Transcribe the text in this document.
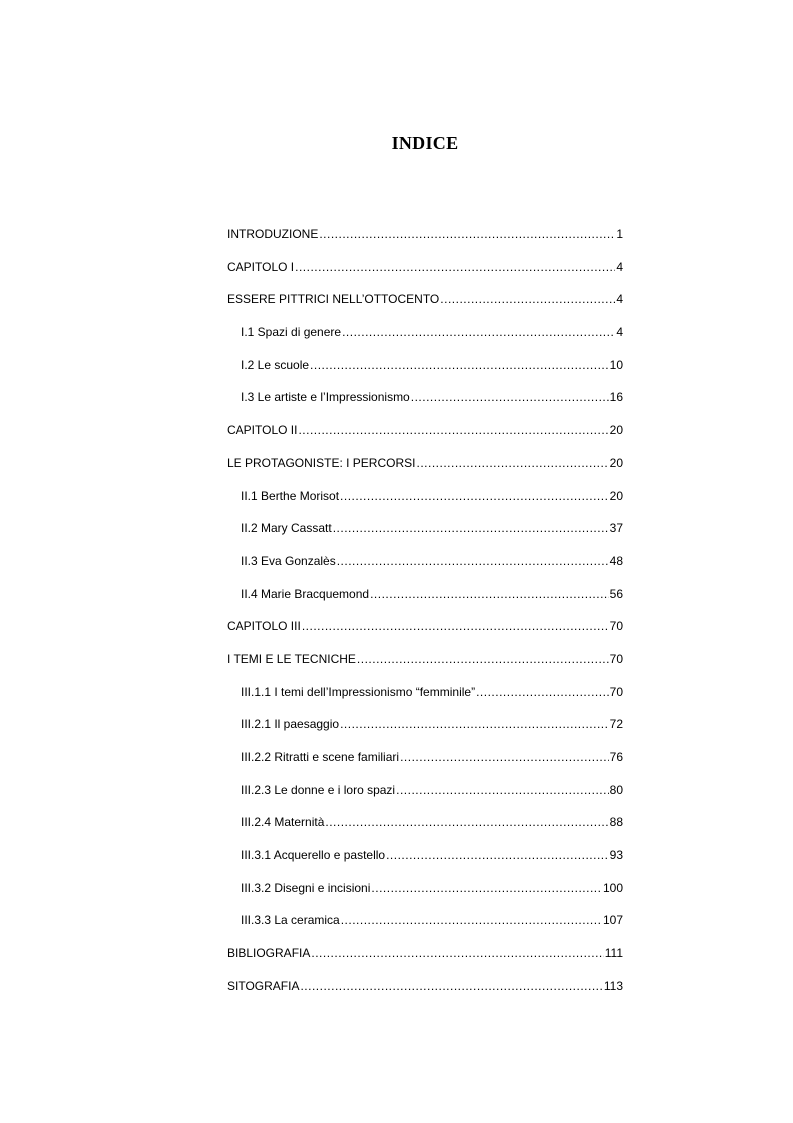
INDICE
INTRODUZIONE .....	1
CAPITOLO I .....	4
ESSERE PITTRICI NELL’OTTOCENTO .....	4
I.1 Spazi di genere .....	4
I.2 Le scuole .....	10
I.3 Le artiste e l’Impressionismo .....	16
CAPITOLO II .....	20
LE PROTAGONISTE: I PERCORSI .....	20
II.1 Berthe Morisot .....	20
II.2 Mary Cassatt .....	37
II.3 Eva Gonzalès .....	48
II.4 Marie Bracquemond .....	56
CAPITOLO III .....	70
I TEMI E LE TECNICHE .....	70
III.1.1 I temi dell’Impressionismo “femminile” .....	70
III.2.1 Il paesaggio .....	72
III.2.2 Ritratti e scene familiari .....	76
III.2.3 Le donne e i loro spazi .....	80
III.2.4 Maternità .....	88
III.3.1 Acquerello e pastello .....	93
III.3.2 Disegni e incisioni .....	100
III.3.3 La ceramica .....	107
BIBLIOGRAFIA .....	111
SITOGRAFIA .....	113
